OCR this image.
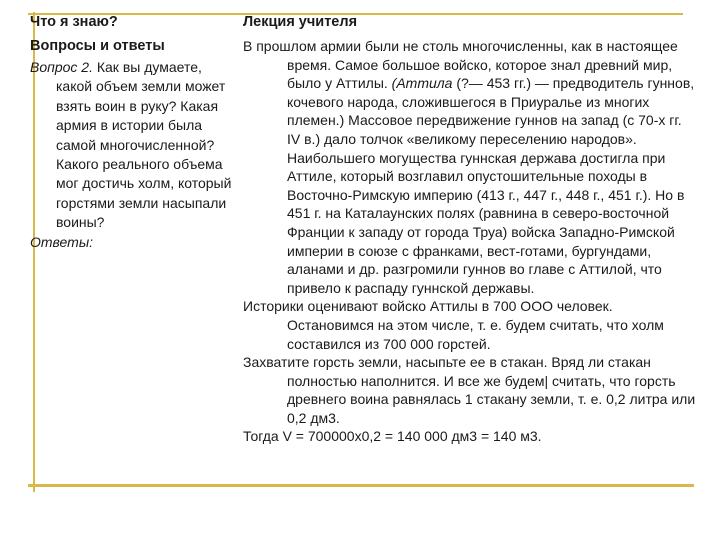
Что я знаю?
Вопросы и ответы

Вопрос 2. Как вы думаете, какой объем земли может взять воин в руку? Какая армия в истории была самой многочисленной? Какого реального объема мог достичь холм, который горстями земли насыпали воины?

Ответы:

Лекция учителя

В прошлом армии были не столь многочисленны, как в настоящее время. Самое большое войско, которое знал древний мир, было у Аттилы. (Аттила (?— 453 гг.) — предводитель гуннов, кочевого народа, сложившегося в Приуралье из многих племен.) Массовое передвижение гуннов на запад (с 70-х гг. IV в.) дало толчок «великому переселению народов». Наибольшего могущества гуннская держава достигла при Аттиле, который возглавил опустошительные походы в Восточно-Римскую империю (413 г., 447 г., 448 г., 451 г.). Но в 451 г. на Каталаунских полях (равнина в северо-восточной Франции к западу от города Труа) войска Западно-Римской империи в союзе с франками, вест-готами, бургундами, аланами и др. разгромили гуннов во главе с Аттилой, что привело к распаду гуннской державы.

Историки оценивают войско Аттилы в 700 ООО человек. Остановимся на этом числе, т. е. будем считать, что холм составился из 700 000 горстей.

Захватите горсть земли, насыпьте ее в стакан. Вряд ли стакан полностью наполнится. И все же будем| считать, что горсть древнего воина равнялась 1 стакану земли, т. е. 0,2 литра или 0,2 дм3.

Тогда V = 700000х0,2 = 140 000 дм3 = 140 м3.
